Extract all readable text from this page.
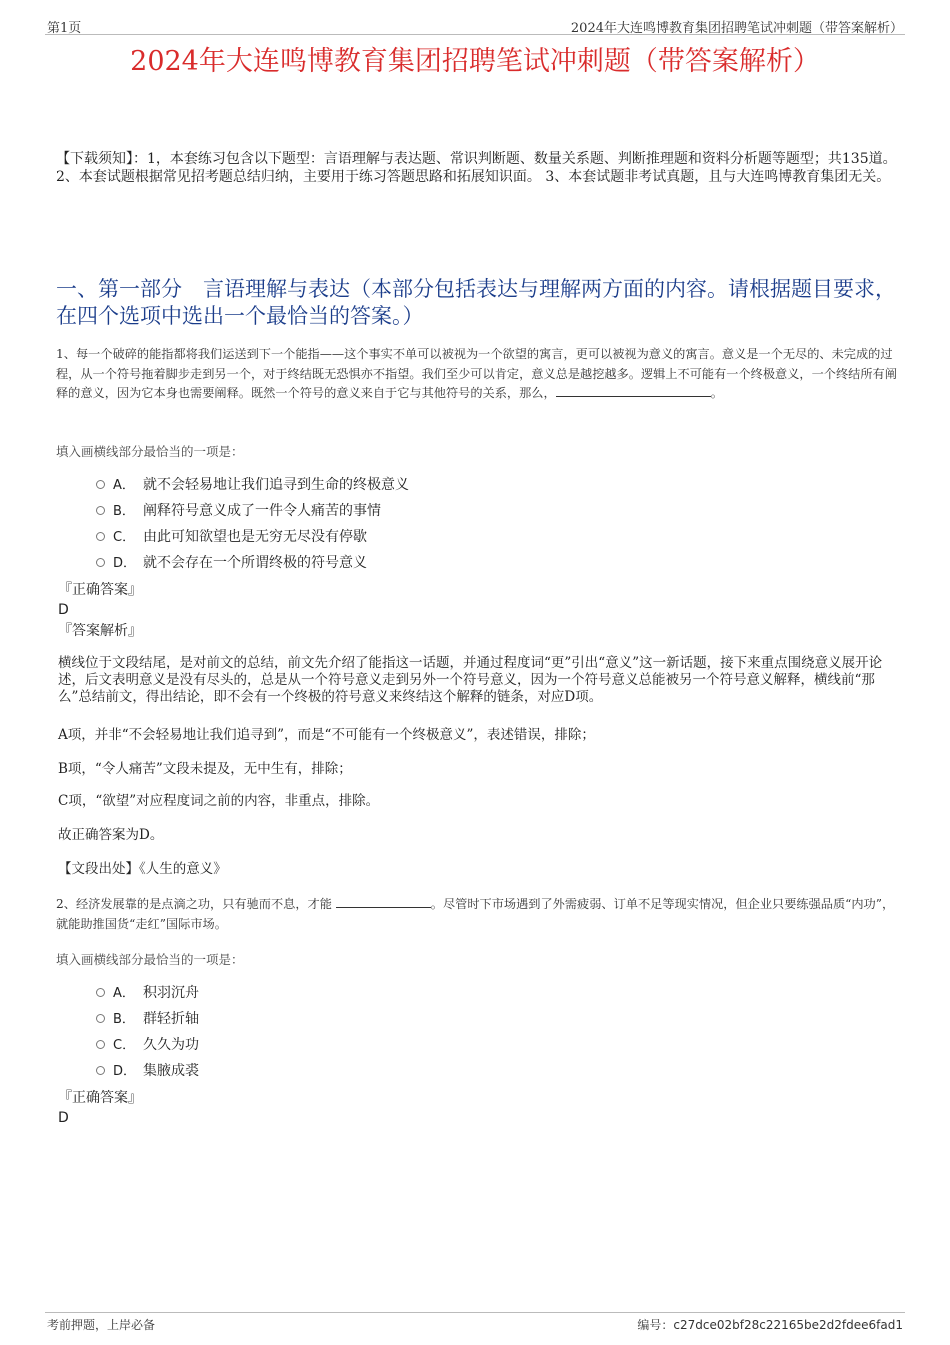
第1页	2024年大连鸣博教育集团招聘笔试冲刺题（带答案解析）
2024年大连鸣博教育集团招聘笔试冲刺题（带答案解析）
【下载须知】：1，本套练习包含以下题型：言语理解与表达题、常识判断题、数量关系题、判断推理题和资料分析题等题型；共135道。 2、本套试题根据常见招考题总结归纳，主要用于练习答题思路和拓展知识面。 3、本套试题非考试真题，且与大连鸣博教育集团无关。
一、第一部分　言语理解与表达（本部分包括表达与理解两方面的内容。请根据题目要求，在四个选项中选出一个最恰当的答案。）
1、每一个破碎的能指都将我们运送到下一个能指——这个事实不单可以被视为一个欲望的寓言，更可以被视为意义的寓言。意义是一个无尽的、未完成的过程，从一个符号拖着脚步走到另一个，对于终结既无恐惧亦不指望。我们至少可以肯定，意义总是越挖越多。逻辑上不可能有一个终极意义，一个终结所有阐释的意义，因为它本身也需要阐释。既然一个符号的意义来自于它与其他符号的关系，那么，	。
填入画横线部分最恰当的一项是：
A． 就不会轻易地让我们追寻到生命的终极意义
B． 阐释符号意义成了一件令人痛苦的事情
C． 由此可知欲望也是无穷无尽没有停歇
D． 就不会存在一个所谓终极的符号意义
『正确答案』
D
『答案解析』
横线位于文段结尾，是对前文的总结，前文先介绍了能指这一话题，并通过程度词“更”引出“意义”这一新话题，接下来重点围绕意义展开论述，后文表明意义是没有尽头的，总是从一个符号意义走到另外一个符号意义，因为一个符号意义总能被另一个符号意义解释，横线前“那么”总结前文，得出结论，即不会有一个终极的符号意义来终结这个解释的链条，对应D项。
A项，并非“不会轻易地让我们追寻到”，而是“不可能有一个终极意义”，表述错误，排除；
B项，“令人痛苦”文段未提及，无中生有，排除；
C项，“欲望”对应程度词之前的内容，非重点，排除。
故正确答案为D。
【文段出处】《人生的意义》
2、经济发展靠的是点滴之功，只有驰而不息，才能	。尽管时下市场遇到了外需疲弱、订单不足等现实情况，但企业只要练强品质“内功”，就能助推国货“走红”国际市场。
填入画横线部分最恰当的一项是：
A． 积羽沉舟
B． 群轻折轴
C． 久久为功
D． 集腋成裘
『正确答案』
D
考前押题，上岸必备	编号：c27dce02bf28c22165be2d2fdee6fad1
